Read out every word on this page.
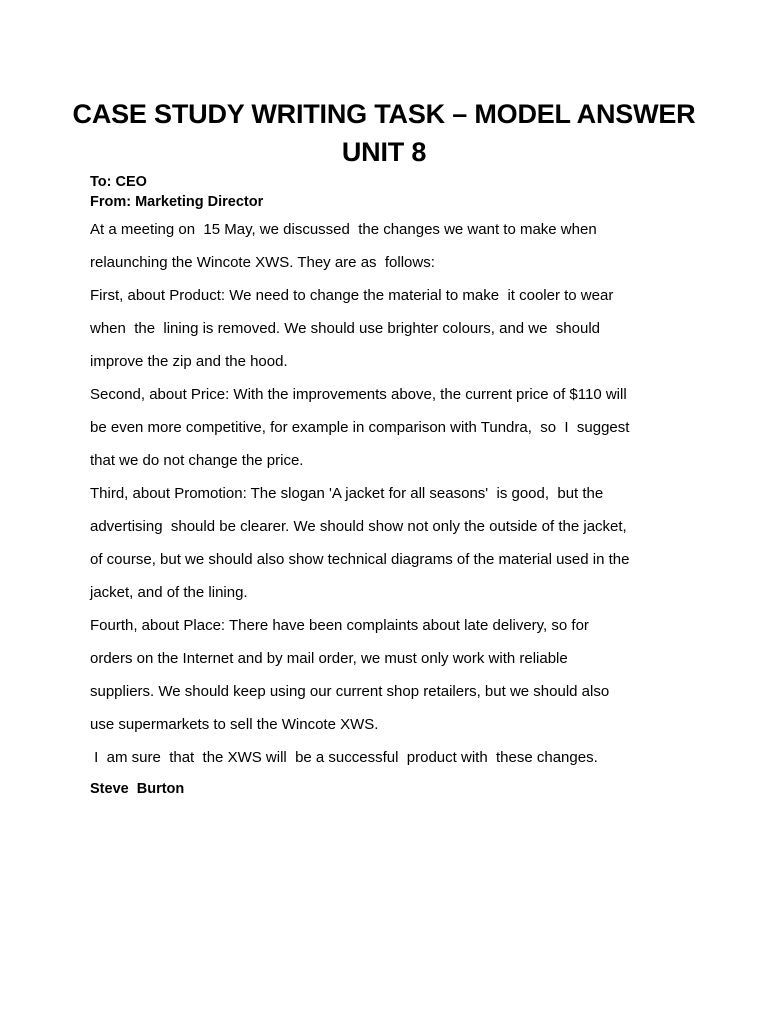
CASE STUDY WRITING TASK – MODEL ANSWER
UNIT 8
To: CEO
From: Marketing Director
At a meeting on  15 May, we discussed  the changes we want to make when
relaunching the Wincote XWS. They are as  follows:
First, about Product: We need to change the material to make  it cooler to wear
when  the  lining is removed. We should use brighter colours, and we  should
improve the zip and the hood.
Second, about Price: With the improvements above, the current price of $110 will
be even more competitive, for example in comparison with Tundra,  so  I  suggest
that we do not change the price.
Third, about Promotion: The slogan 'A jacket for all seasons'  is good,  but the
advertising  should be clearer. We should show not only the outside of the jacket,
of course, but we should also show technical diagrams of the material used in the
jacket, and of the lining.
Fourth, about Place: There have been complaints about late delivery, so for
orders on the Internet and by mail order, we must only work with reliable
suppliers. We should keep using our current shop retailers, but we should also
use supermarkets to sell the Wincote XWS.
I  am sure  that  the XWS will  be a successful  product with  these changes.
Steve  Burton
